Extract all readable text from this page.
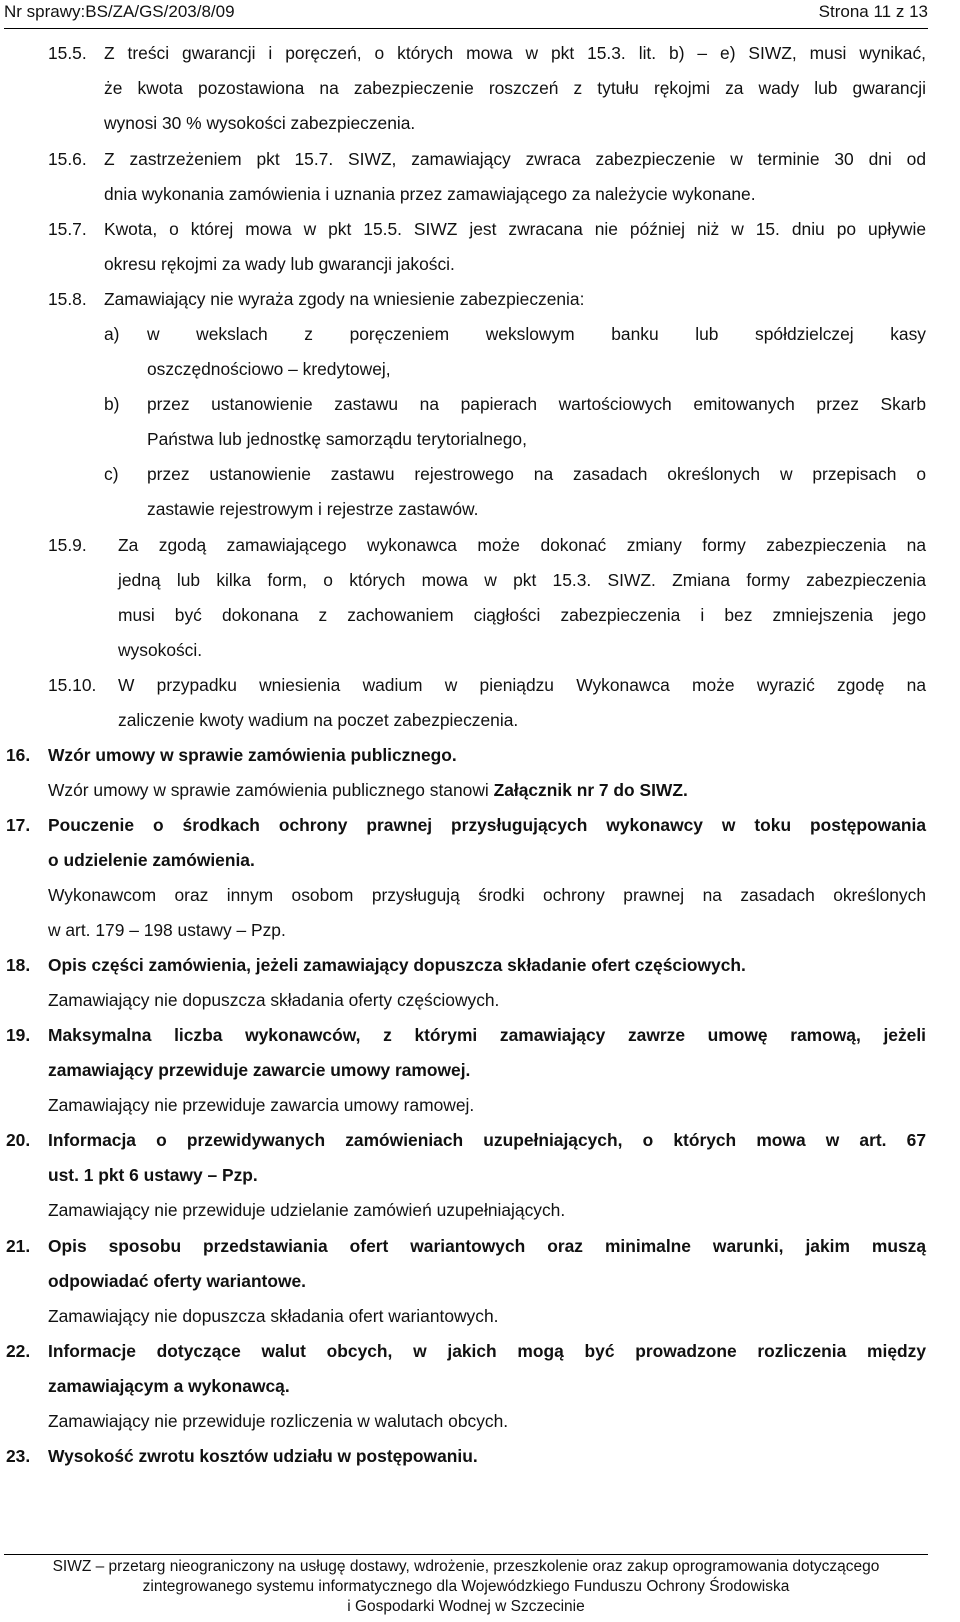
Nr sprawy:BS/ZA/GS/203/8/09	Strona 11 z 13
15.5. Z treści gwarancji i poręczeń, o których mowa w pkt 15.3. lit. b) – e) SIWZ, musi wynikać,
że kwota pozostawiona na zabezpieczenie roszczeń z tytułu rękojmi za wady lub gwarancji
wynosi 30 % wysokości zabezpieczenia.
15.6. Z zastrzeżeniem pkt 15.7. SIWZ, zamawiający zwraca zabezpieczenie w terminie 30 dni od
dnia wykonania zamówienia i uznania przez zamawiającego za należycie wykonane.
15.7. Kwota, o której mowa w pkt 15.5. SIWZ jest zwracana nie później niż w 15. dniu po upływie
okresu rękojmi za wady lub gwarancji jakości.
15.8. Zamawiający nie wyraża zgody na wniesienie zabezpieczenia:
a) w wekslach z poręczeniem wekslowym banku lub spółdzielczej kasy
oszczędnościowo – kredytowej,
b) przez ustanowienie zastawu na papierach wartościowych emitowanych przez Skarb
Państwa lub jednostkę samorządu terytorialnego,
c) przez ustanowienie zastawu rejestrowego na zasadach określonych w przepisach o
zastawie rejestrowym i rejestrze zastawów.
15.9. Za zgodą zamawiającego wykonawca może dokonać zmiany formy zabezpieczenia na
jedną lub kilka form, o których mowa w pkt 15.3. SIWZ. Zmiana formy zabezpieczenia
musi być dokonana z zachowaniem ciągłości zabezpieczenia i bez zmniejszenia jego
wysokości.
15.10. W przypadku wniesienia wadium w pieniądzu Wykonawca może wyrazić zgodę na
zaliczenie kwoty wadium na poczet zabezpieczenia.
16. Wzór umowy w sprawie zamówienia publicznego.
Wzór umowy w sprawie zamówienia publicznego stanowi Załącznik nr 7 do SIWZ.
17. Pouczenie o środkach ochrony prawnej przysługujących wykonawcy w toku postępowania
o udzielenie zamówienia.
Wykonawcom oraz innym osobom przysługują środki ochrony prawnej na zasadach określonych
w art. 179 – 198 ustawy – Pzp.
18. Opis części zamówienia, jeżeli zamawiający dopuszcza składanie ofert częściowych.
Zamawiający nie dopuszcza składania oferty częściowych.
19. Maksymalna liczba wykonawców, z którymi zamawiający zawrze umowę ramową, jeżeli
zamawiający przewiduje zawarcie umowy ramowej.
Zamawiający nie przewiduje zawarcia umowy ramowej.
20. Informacja o przewidywanych zamówieniach uzupełniających, o których mowa w art. 67
ust. 1 pkt 6 ustawy – Pzp.
Zamawiający nie przewiduje udzielanie zamówień uzupełniających.
21. Opis sposobu przedstawiania ofert wariantowych oraz minimalne warunki, jakim muszą
odpowiadać oferty wariantowe.
Zamawiający nie dopuszcza składania ofert wariantowych.
22. Informacje dotyczące walut obcych, w jakich mogą być prowadzone rozliczenia między
zamawiającym a wykonawcą.
Zamawiający nie przewiduje rozliczenia w walutach obcych.
23. Wysokość zwrotu kosztów udziału w postępowaniu.
SIWZ – przetarg nieograniczony na usługę dostawy, wdrożenie, przeszkolenie oraz zakup oprogramowania dotyczącego
zintegrowanego systemu informatycznego dla Wojewódzkiego Funduszu Ochrony Środowiska
i Gospodarki Wodnej w Szczecinie
